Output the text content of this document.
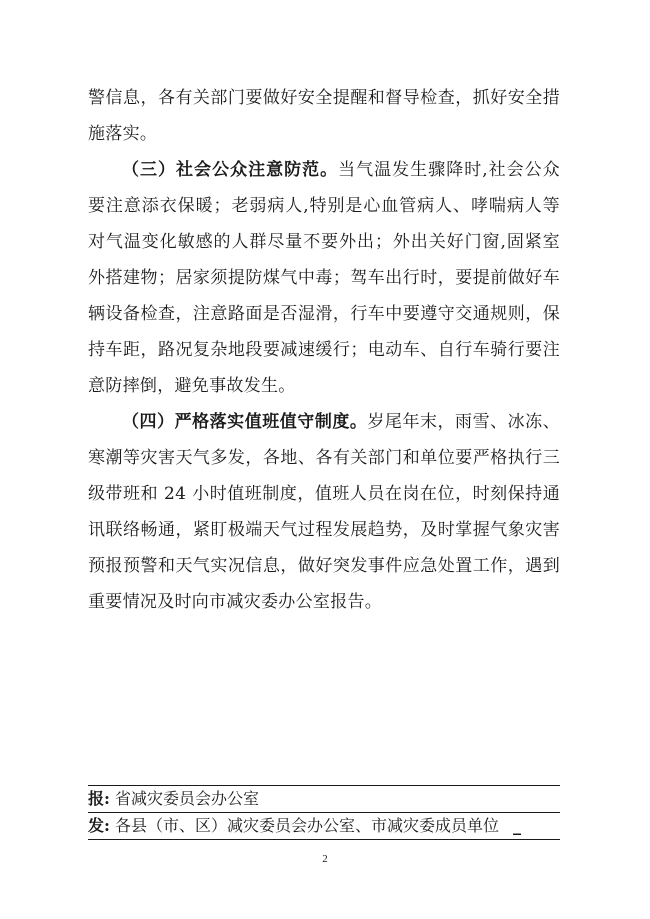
警信息，各有关部门要做好安全提醒和督导检查，抓好安全措施落实。

（三）社会公众注意防范。当气温发生骤降时,社会公众要注意添衣保暖；老弱病人,特别是心血管病人、哮喘病人等对气温变化敏感的人群尽量不要外出；外出关好门窗,固紧室外搭建物；居家须提防煤气中毒；驾车出行时，要提前做好车辆设备检查，注意路面是否湿滑，行车中要遵守交通规则，保持车距，路况复杂地段要减速缓行；电动车、自行车骑行要注意防摔倒，避免事故发生。

（四）严格落实值班值守制度。岁尾年末，雨雪、冰冻、寒潮等灾害天气多发，各地、各有关部门和单位要严格执行三级带班和 24 小时值班制度，值班人员在岗在位，时刻保持通讯联络畅通，紧盯极端天气过程发展趋势，及时掌握气象灾害预报预警和天气实况信息，做好突发事件应急处置工作，遇到重要情况及时向市减灾委办公室报告。

报: 省减灾委员会办公室
发: 各县（市、区）减灾委员会办公室、市减灾委成员单位 _
2
